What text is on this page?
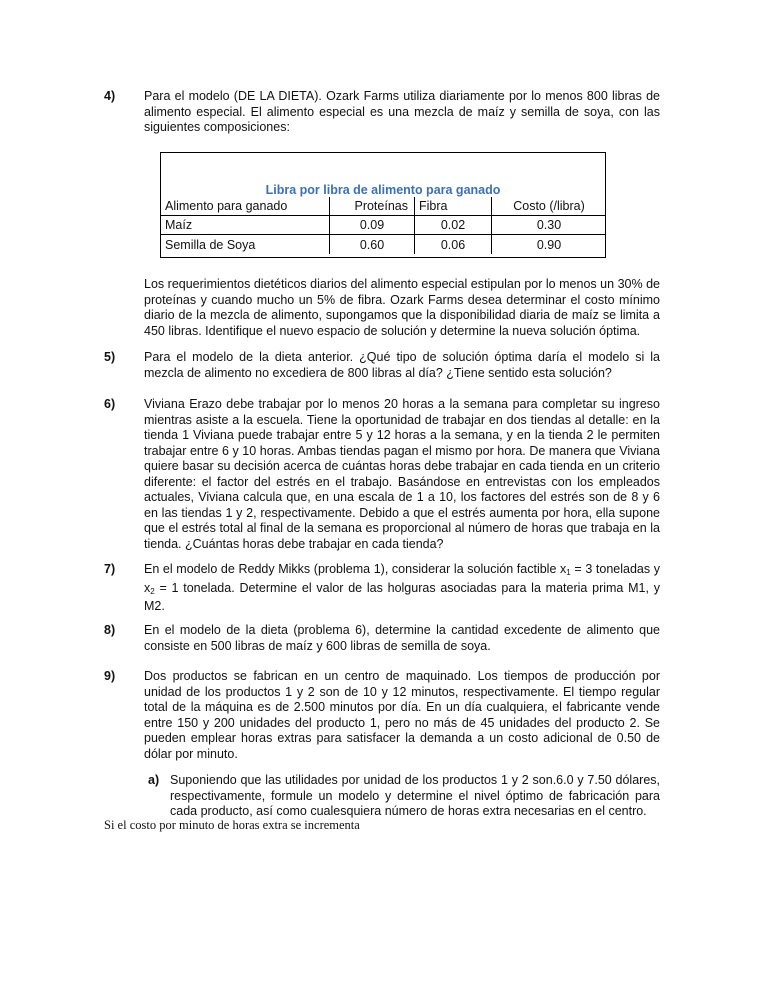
4) Para el modelo (DE LA DIETA). Ozark Farms utiliza diariamente por lo menos 800 libras de alimento especial. El alimento especial es una mezcla de maíz y semilla de soya, con las siguientes composiciones:

Libra por libra de alimento para ganado
Alimento para ganado	Proteínas	Fibra	Costo (/libra)
Maíz	0.09	0.02	0.30
Semilla de Soya	0.60	0.06	0.90

Los requerimientos dietéticos diarios del alimento especial estipulan por lo menos un 30% de proteínas y cuando mucho un 5% de fibra. Ozark Farms desea determinar el costo mínimo diario de la mezcla de alimento, supongamos que la disponibilidad diaria de maíz se limita a 450 libras. Identifique el nuevo espacio de solución y determine la nueva solución óptima.

5) Para el modelo de la dieta anterior. ¿Qué tipo de solución óptima daría el modelo si la mezcla de alimento no excediera de 800 libras al día? ¿Tiene sentido esta solución?

6) Viviana Erazo debe trabajar por lo menos 20 horas a la semana para completar su ingreso mientras asiste a la escuela. Tiene la oportunidad de trabajar en dos tiendas al detalle: en la tienda 1 Viviana puede trabajar entre 5 y 12 horas a la semana, y en la tienda 2 le permiten trabajar entre 6 y 10 horas. Ambas tiendas pagan el mismo por hora. De manera que Viviana quiere basar su decisión acerca de cuántas horas debe trabajar en cada tienda en un criterio diferente: el factor del estrés en el trabajo. Basándose en entrevistas con los empleados actuales, Viviana calcula que, en una escala de 1 a 10, los factores del estrés son de 8 y 6 en las tiendas 1 y 2, respectivamente. Debido a que el estrés aumenta por hora, ella supone que el estrés total al final de la semana es proporcional al número de horas que trabaja en la tienda. ¿Cuántas horas debe trabajar en cada tienda?

7) En el modelo de Reddy Mikks (problema 1), considerar la solución factible $x_1 = 3$ toneladas y $x_2 = 1$ tonelada. Determine el valor de las holguras asociadas para la materia prima M1, y M2.

8) En el modelo de la dieta (problema 6), determine la cantidad excedente de alimento que consiste en 500 libras de maíz y 600 libras de semilla de soya.

9) Dos productos se fabrican en un centro de maquinado. Los tiempos de producción por unidad de los productos 1 y 2 son de 10 y 12 minutos, respectivamente. El tiempo regular total de la máquina es de 2.500 minutos por día. En un día cualquiera, el fabricante vende entre 150 y 200 unidades del producto 1, pero no más de 45 unidades del producto 2. Se pueden emplear horas extras para satisfacer la demanda a un costo adicional de 0.50 de dólar por minuto.

a) Suponiendo que las utilidades por unidad de los productos 1 y 2 son.6.0 y 7.50 dólares, respectivamente, formule un modelo y determine el nivel óptimo de fabricación para cada producto, así como cualesquiera número de horas extra necesarias en el centro.

Si el costo por minuto de horas extra se incrementa
